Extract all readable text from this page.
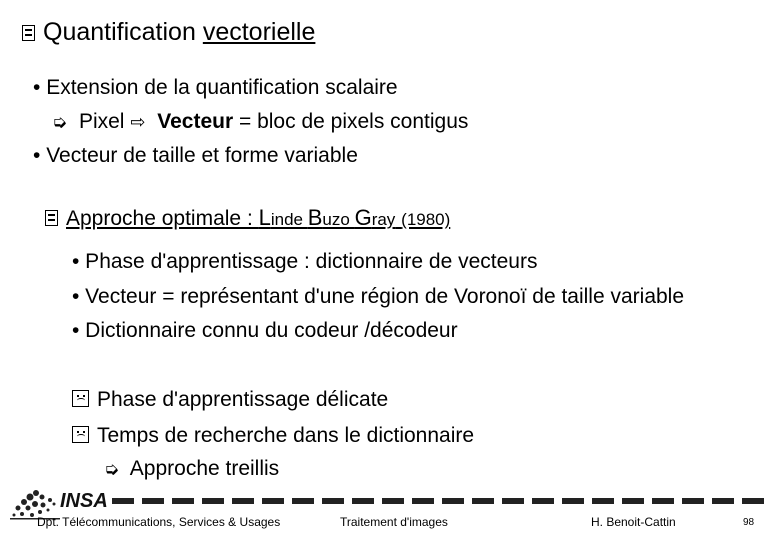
Quantification vectorielle
• Extension de la quantification scalaire
➭ Pixel ⇨ Vecteur = bloc de pixels contigus
• Vecteur de taille et forme variable
Approche optimale : Linde Buzo Gray (1980)
• Phase d'apprentissage : dictionnaire de vecteurs
• Vecteur = représentant d'une région de Voronoï de taille variable
• Dictionnaire connu du codeur /décodeur
Phase d'apprentissage délicate
Temps de recherche dans le dictionnaire
➭ Approche treillis
INSA
Dpt. Télécommunications, Services & Usages	Traitement d'images	H. Benoit-Cattin	98
